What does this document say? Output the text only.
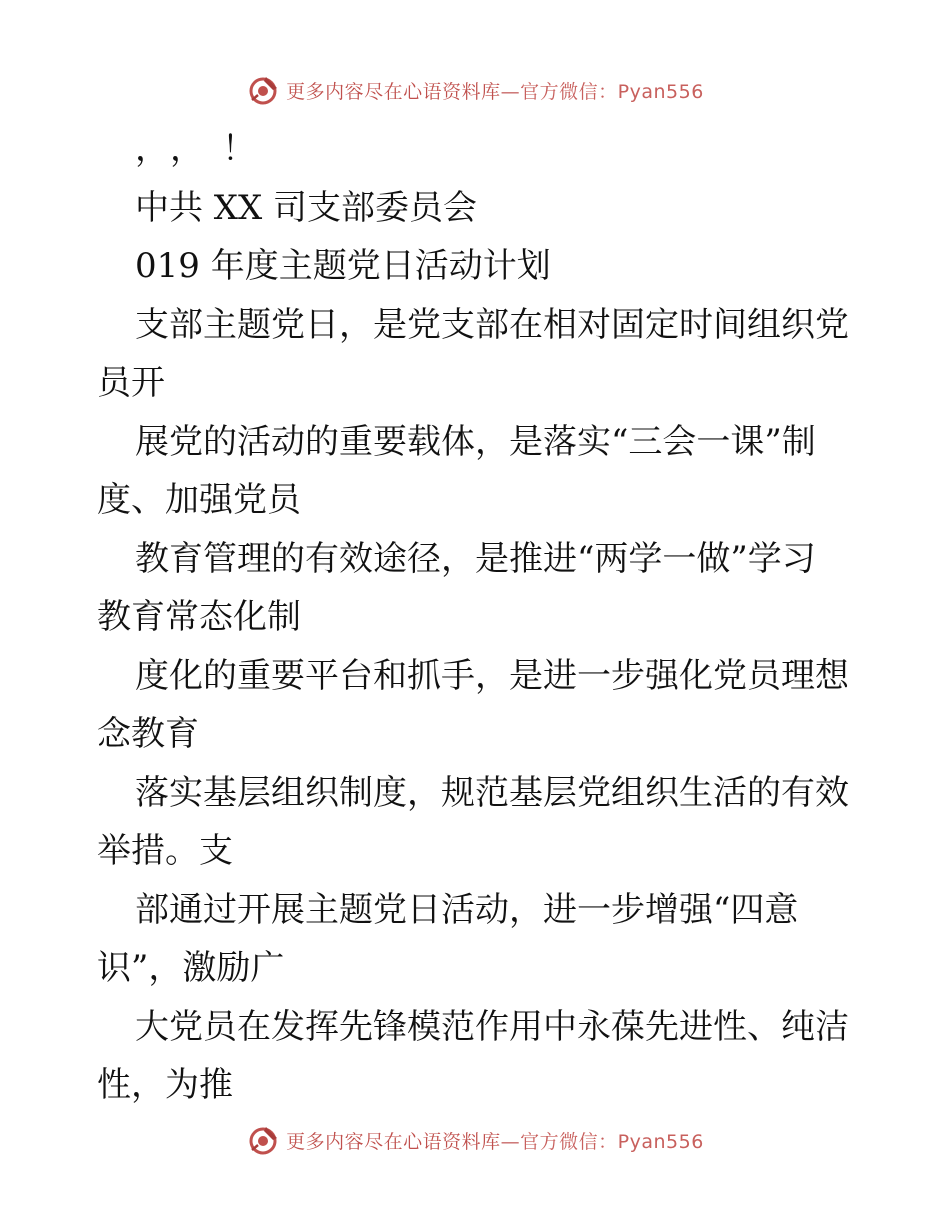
更多内容尽在心语资料库—官方微信：Pyan556
，，！
中共 XX 司支部委员会
019 年度主题党日活动计划
支部主题党日，是党支部在相对固定时间组织党
员开
展党的活动的重要载体，是落实“三会一课”制
度、加强党员
教育管理的有效途径，是推进“两学一做”学习
教育常态化制
度化的重要平台和抓手，是进一步强化党员理想
念教育
落实基层组织制度，规范基层党组织生活的有效
举措。支
部通过开展主题党日活动，进一步增强“四意
识”，激励广
大党员在发挥先锋模范作用中永葆先进性、纯洁
性，为推
更多内容尽在心语资料库—官方微信：Pyan556
